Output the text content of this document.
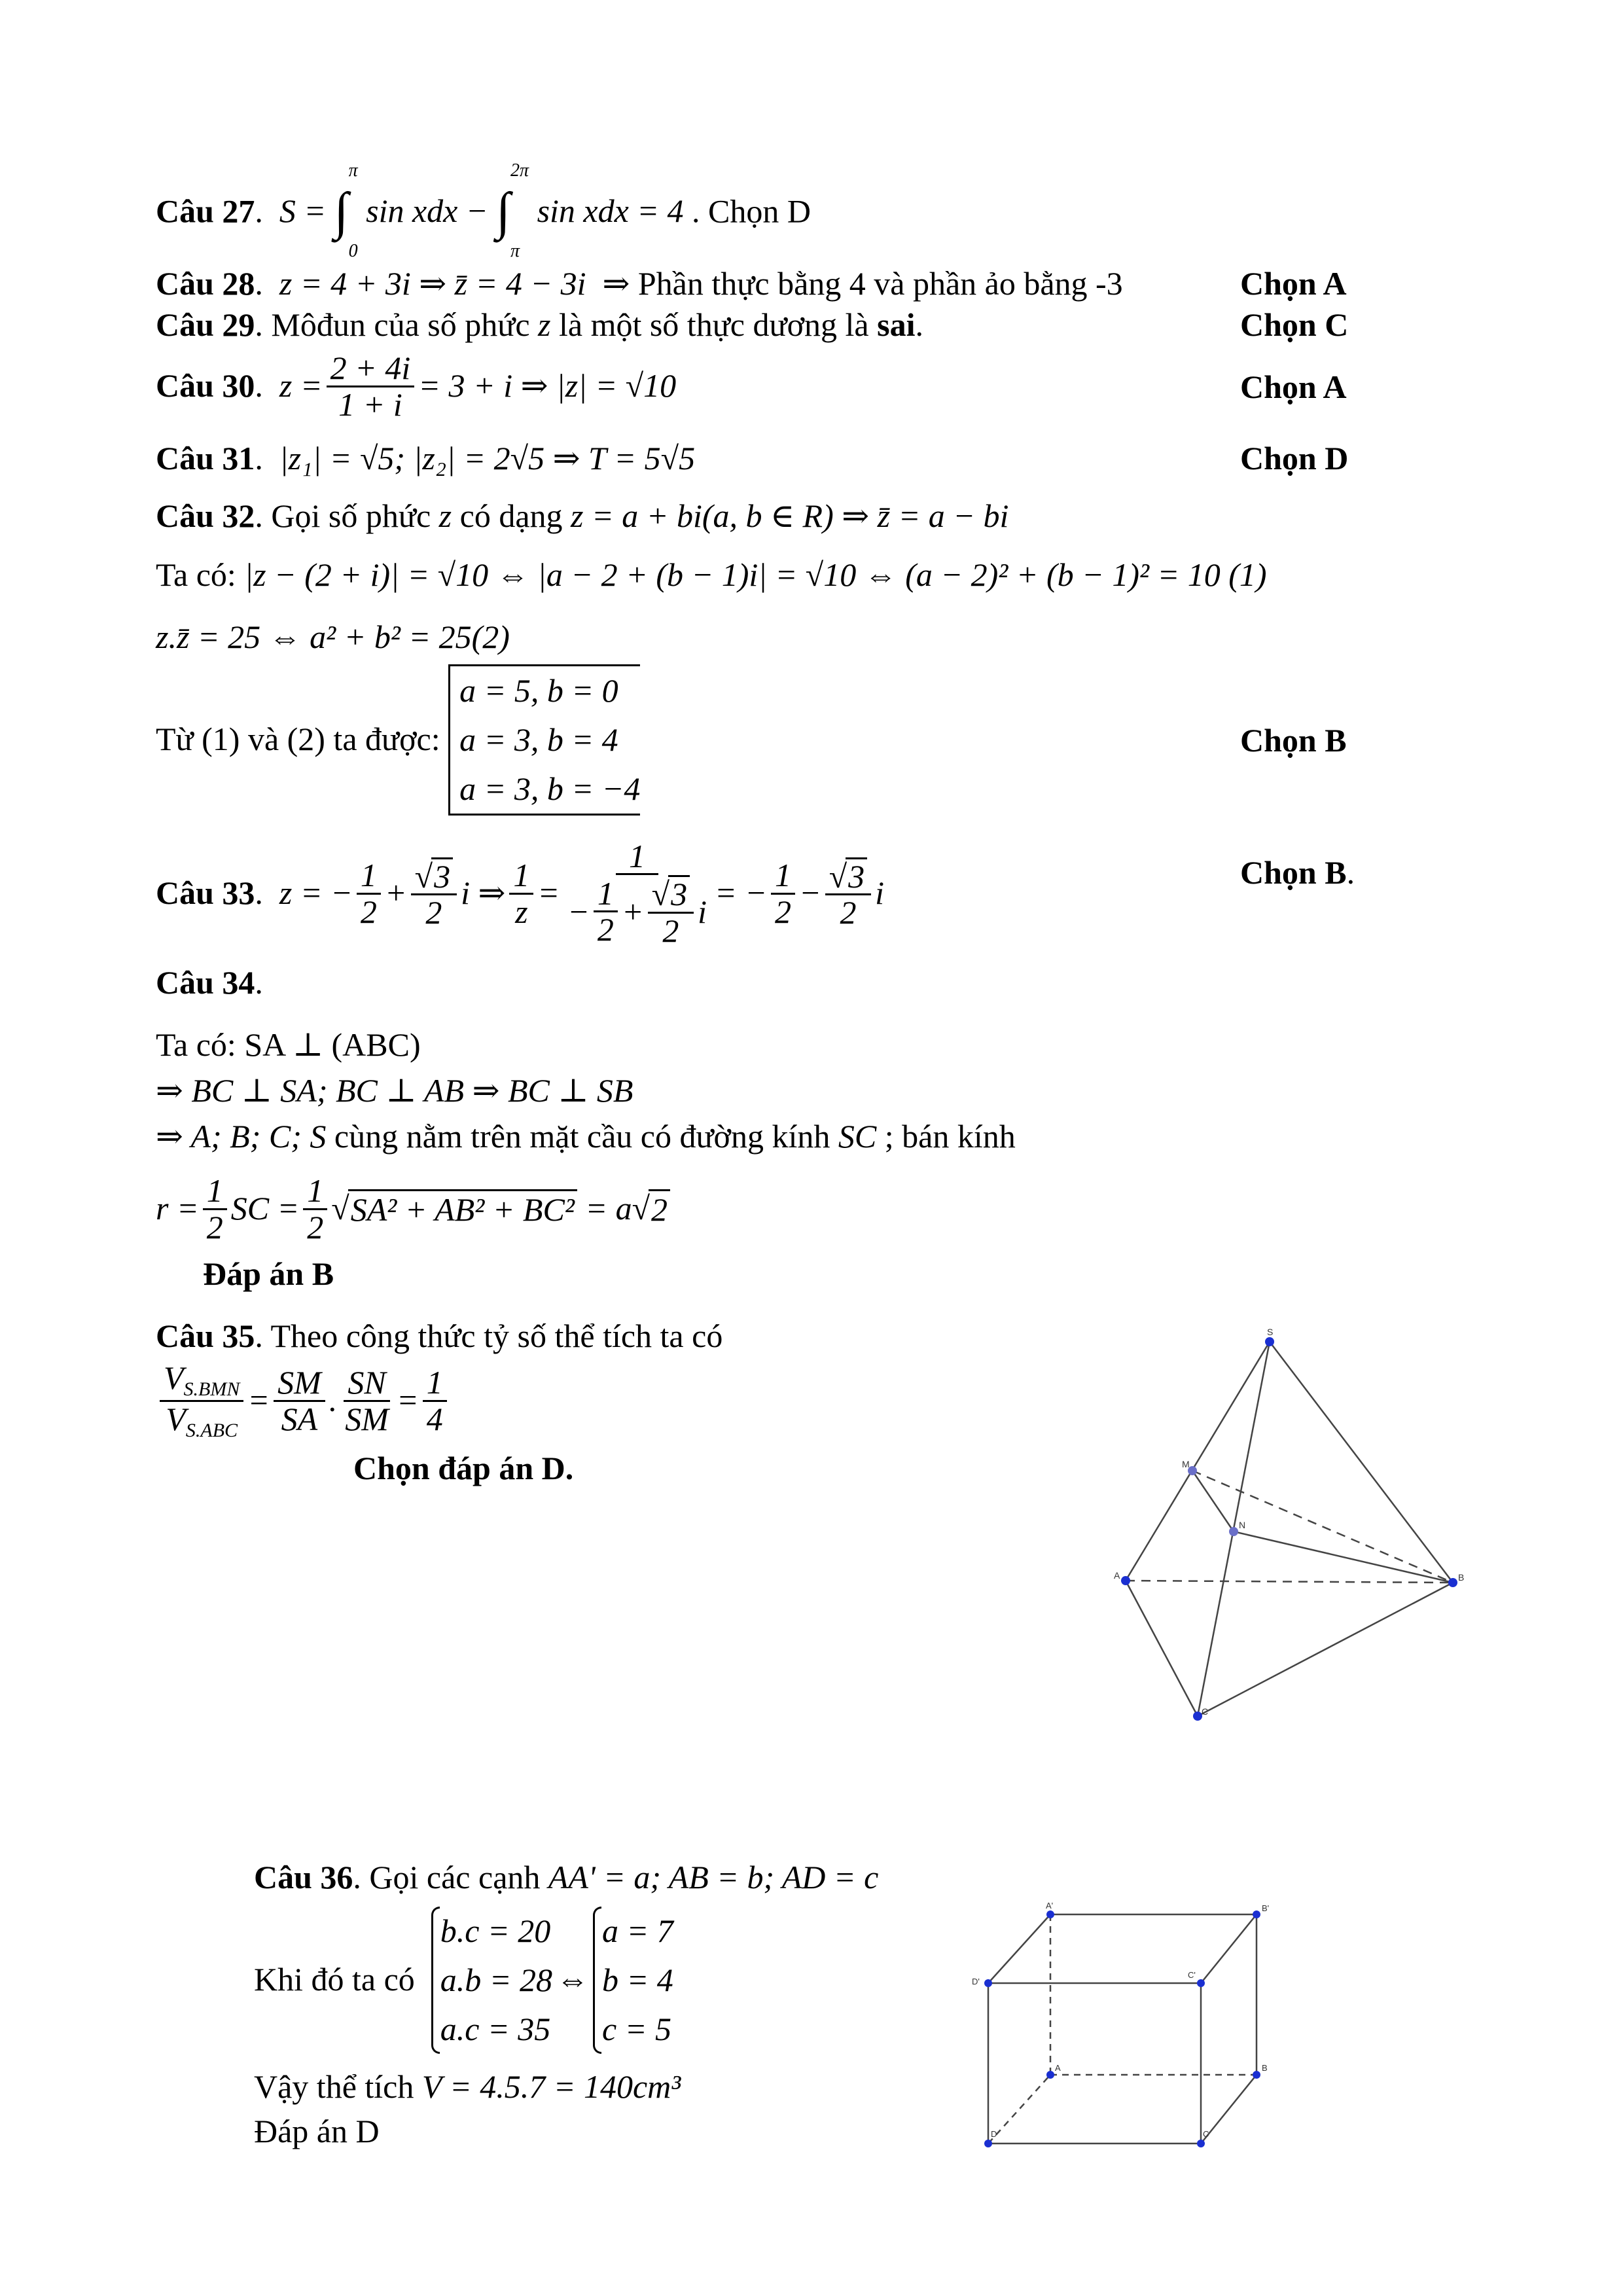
Câu 27.  S = ∫
π
0
sin xdx − ∫
2π
π
sin xdx = 4 . Chọn D
Câu 28.  z = 4 + 3i ⇒ z̄ = 4 − 3i ⇒ Phần thực bằng 4 và phần ảo bằng -3	Chọn A
Câu 29. Môđun của số phức z là một số thực dương là sai.	Chọn C
Câu 30 . $z = \frac{2 + 4i}{1 + i} = 3 + i$ ⇒ |z| = √10	Chọn A
Câu 31.  |z₁| = √5; |z₂| = 2√5 ⇒ T = 5√5	Chọn D
Câu 32. Gọi số phức z có dạng z = a + bi(a, b ∈ R) ⇒ z̄ = a − bi
Ta có: |z − (2 + i)| = √10 ⇔ |a − 2 + (b − 1)i| = √10 ⇔ (a − 2)² + (b − 1)² = 10 (1)
z.z̄ = 25 ⇔ a² + b² = 25(2)
Từ (1) và (2) ta được:

a = 5, b = 0
a = 3, b = 4
a = 3, b = −4
Chọn B
Câu 33 . z = − $\frac{1}{2} + \frac{√3}{2}$ i ⇒ $\frac{1}{z} = \frac{1}{- \frac{1}{2} + \frac{√3}{2} i}$ = − $\frac{1}{2} - \frac{√3}{2}$ i
Chọn B.
Câu 34.
Ta có: SA ⊥ (ABC)
⇒ BC ⊥ SA; BC ⊥ AB ⇒ BC ⊥ SB
⇒ A; B; C; S cùng nằm trên mặt cầu có đường kính SC ; bán kính
$r = \frac{1}{2}$ SC = $\frac{1}{2}$ √ SA² + AB² + BC² = a√ 2
Đáp án B
Câu 35. Theo công thức tỷ số thể tích ta có
$\frac{V_{S.BMN}}{V_{S.ABC}} = \frac{SM}{SA}$ . $\frac{SN}{SM} = \frac{1}{4}$
Chọn đáp án D.
S
M
N
A	B
C
Câu 36. Gọi các cạnh AA' = a; AB = b; AD = c
Khi đó ta có

b.c = 20
a.b = 28
a.c = 35
⇔
a = 7
b = 4
c = 5
Vậy thể tích V = 4.5.7 = 140cm³
Đáp án D
A'	B'
D'
C'
A	B
D	C
